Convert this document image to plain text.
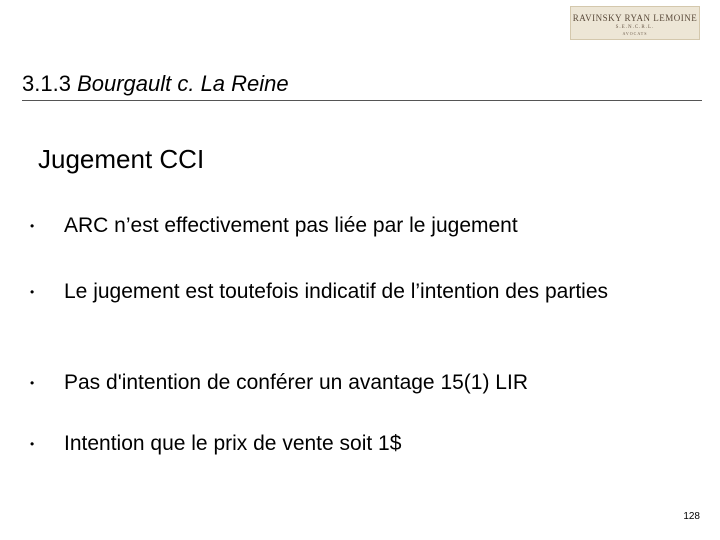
RAVINSKY RYAN LEMOINE
S.E.N.C.R.L.
AVOCATS
3.1.3 Bourgault c. La Reine
Jugement CCI
• ARC n’est effectivement pas liée par le jugement
• Le jugement est toutefois indicatif de l’intention des parties
• Pas d'intention de conférer un avantage 15(1) LIR
• Intention que le prix de vente soit 1$
128
